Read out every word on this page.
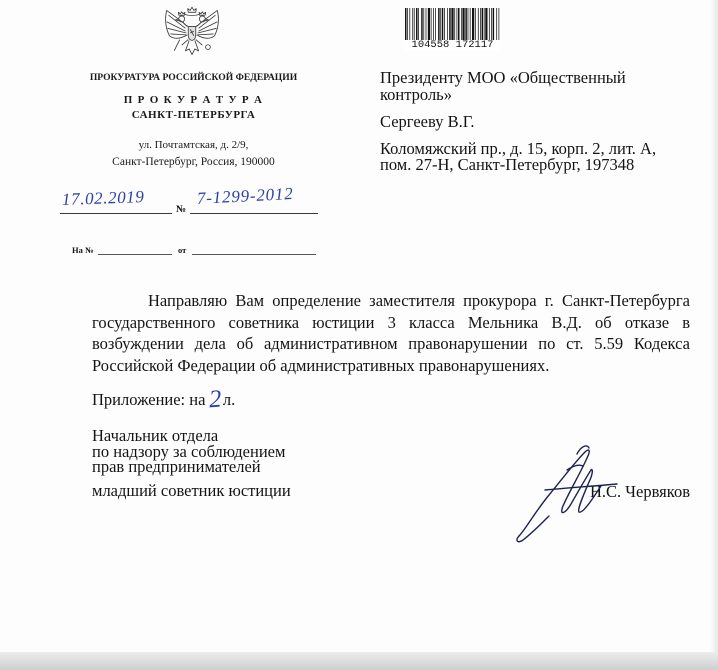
ПРОКУРАТУРА РОССИЙСКОЙ ФЕДЕРАЦИИ
П Р О К У Р А Т У Р А
САНКТ-ПЕТЕРБУРГА
ул. Почтамтская, д. 2/9,
Санкт-Петербург, Россия, 190000
17.02.2019
№
7-1299-2012
На №	от
104558 172117
Президенту МОО «Общественный
контроль»
Сергееву В.Г.
Коломяжский пр., д. 15, корп. 2, лит. А,
пом. 27-Н, Санкт-Петербург, 197348
Направляю Вам определение заместителя прокурора г. Санкт-Петербурга
государственного советника юстиции 3 класса Мельника В.Д. об отказе в
возбуждении дела об административном правонарушении по ст. 5.59 Кодекса
Российской Федерации об административных правонарушениях.
Приложение: на 2л.
Начальник отдела
по надзору за соблюдением
прав предпринимателей
младший советник юстиции	Н.С. Червяков
